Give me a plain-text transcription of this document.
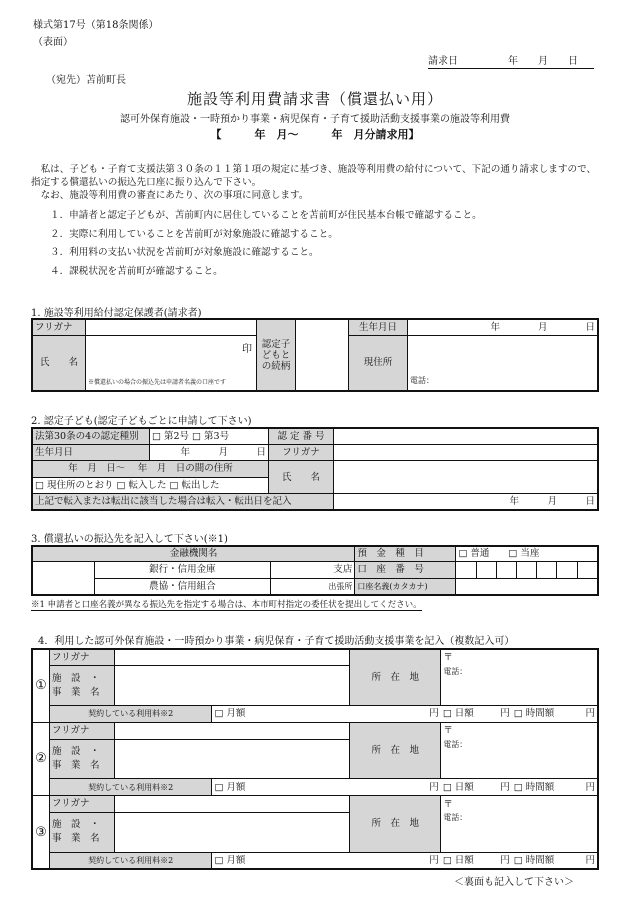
様式第17号（第18条関係）
（表面）
請求日　　　　　年　　月　　日
（宛先）苫前町長
施設等利用費請求書（償還払い用）
認可外保育施設・一時預かり事業・病児保育・子育て援助活動支援事業の施設等利用費
【　　　年　月～　　　年　月分請求用】

私は、子ども・子育て支援法第３０条の１１第１項の規定に基づき、施設等利用費の給付について、下記の通り請求しますので、指定する償還払いの振込先口座に振り込んで下さい。

なお、施設等利用費の審査にあたり、次の事項に同意します。

１．申請者と認定子どもが、苫前町内に居住していることを苫前町が住民基本台帳で確認すること。
２．実際に利用していることを苫前町が対象施設に確認すること。
３．利用料の支払い状況を苫前町が対象施設に確認すること。
４．課税状況を苫前町が確認すること。
1. 施設等利用給付認定保護者(請求者)
フリガナ		認定子どもとの続柄		生年月日	年　　　　月　　　　日
氏　　名	印
※償還払いの場合の振込先は申請者名義の口座です			現住所	電話：
2. 認定子ども(認定子どもごとに申請して下さい)
法第30条の4の認定種別	□ 第2号 □ 第3号	認 定 番 号	
生年月日	年　　　月　　　日	フリガナ	
年　月　日～　 年　月　日の間の住所		氏　　名	
□ 現住所のとおり □ 転入した □ 転出した			
上記で転入または転出に該当した場合は転入・転出日を記入			年　　　月　　　日
3. 償還払いの振込先を記入して下さい(※1)
金融機関名			預　金　種　目	□ 普通　　□ 当座						
	銀行・信用金庫	支店	口　座　番　号							
	農協・信用組合	出張所	口座名義(カタカナ)							
※1 申請者と口座名義が異なる振込先を指定する場合は、本市町村指定の委任状を提出してください。
4．利用した認可外保育施設・一時預かり事業・病児保育・子育て援助活動支援事業を記入（複数記入可）
①	フリガナ			所　在　地	〒			
	施　設　・
事　業　名				電話：			
	契約している利用料※2		□ 月額	円	□ 日額	円	□ 時間額	円
②	フリガナ			所　在　地	〒			
	施　設　・
事　業　名				電話：			
	契約している利用料※2		□ 月額	円	□ 日額	円	□ 時間額	円
③	フリガナ			所　在　地	〒			
	施　設　・
事　業　名				電話：			
	契約している利用料※2		□ 月額	円	□ 日額	円	□ 時間額	円
＜裏面も記入して下さい＞
